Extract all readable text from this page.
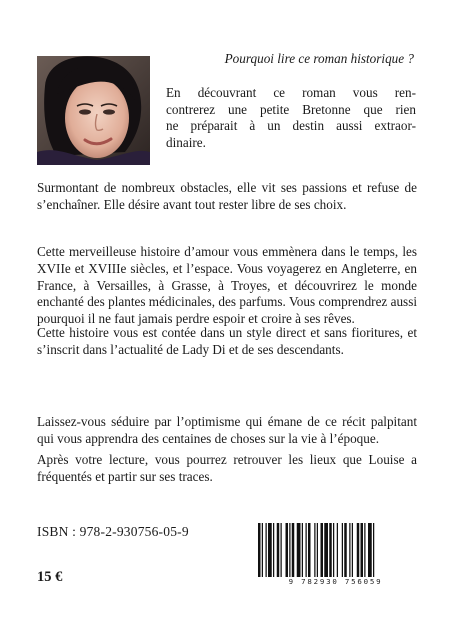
Pourquoi lire ce roman historique ?

En découvrant ce roman vous ren-
contrerez une petite Bretonne que rien
ne préparait à un destin aussi extraor-
dinaire.

Surmontant de nombreux obstacles, elle vit ses passions et refuse de s’enchaîner. Elle désire avant tout rester libre de ses choix.

Cette merveilleuse histoire d’amour vous emmènera dans le temps, les XVIIe et XVIIIe siècles, et l’espace. Vous voyagerez en Angleterre, en France, à Versailles, à Grasse, à Troyes, et découvrirez le monde enchanté des plantes médicinales, des parfums. Vous comprendrez aussi pourquoi il ne faut jamais perdre espoir et croire à ses rêves.

Cette histoire vous est contée dans un style direct et sans fioritures, et s’inscrit dans l’actualité de Lady Di et de ses descendants.

Laissez-vous séduire par l’optimisme qui émane de ce récit palpitant qui vous apprendra des centaines de choses sur la vie à l’époque.

Après votre lecture, vous pourrez retrouver les lieux que Louise a fréquentés et partir sur ses traces.

ISBN : 978-2-930756-05-9
15 €	9 782930 756059
